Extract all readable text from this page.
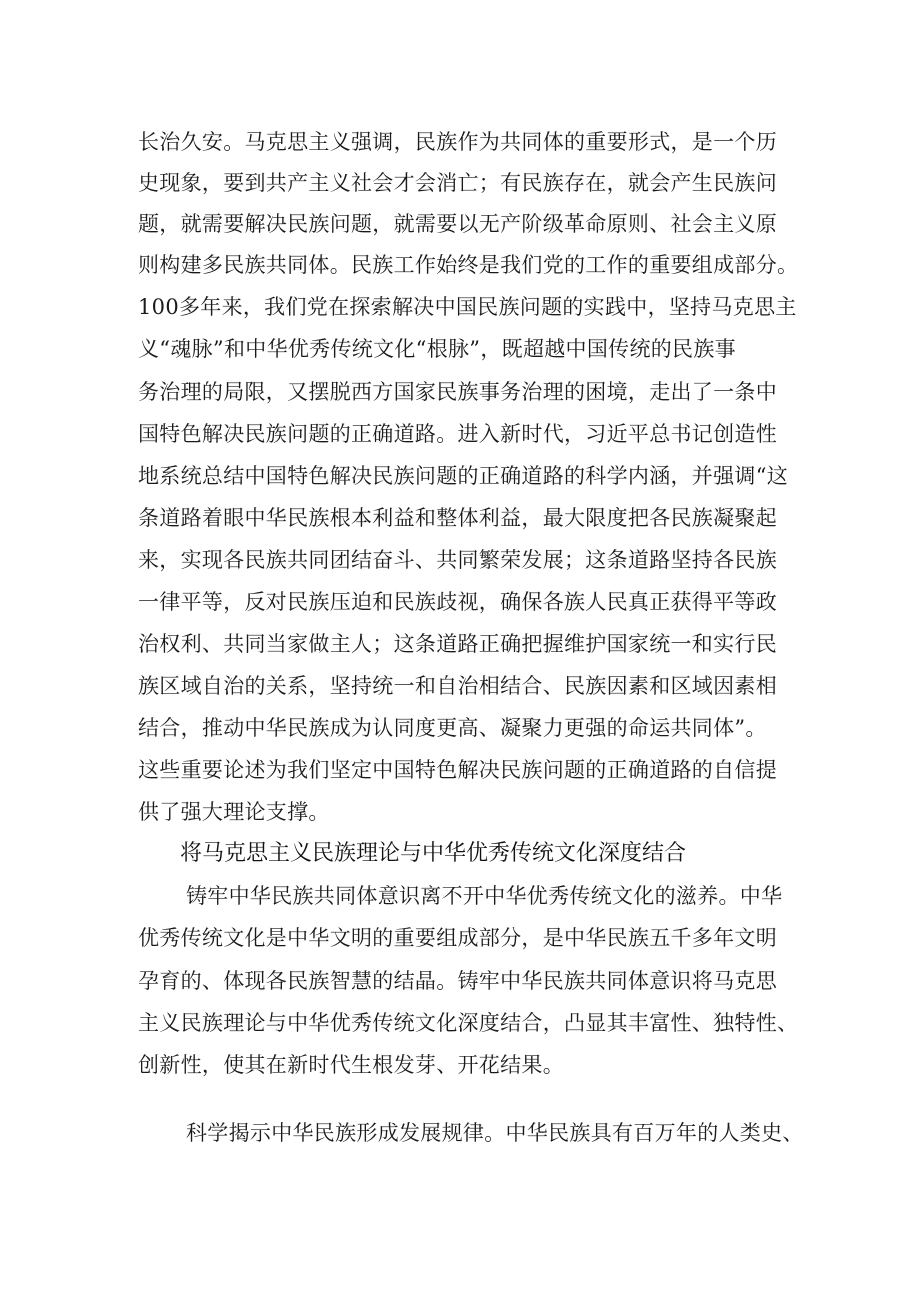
长治久安。马克思主义强调，民族作为共同体的重要形式，是一个历
史现象，要到共产主义社会才会消亡；有民族存在，就会产生民族问
题，就需要解决民族问题，就需要以无产阶级革命原则、社会主义原
则构建多民族共同体。民族工作始终是我们党的工作的重要组成部分。
100多年来，我们党在探索解决中国民族问题的实践中，坚持马克思主
义“魂脉”和中华优秀传统文化“根脉”，既超越中国传统的民族事
务治理的局限，又摆脱西方国家民族事务治理的困境，走出了一条中
国特色解决民族问题的正确道路。进入新时代，习近平总书记创造性
地系统总结中国特色解决民族问题的正确道路的科学内涵，并强调“这
条道路着眼中华民族根本利益和整体利益，最大限度把各民族凝聚起
来，实现各民族共同团结奋斗、共同繁荣发展；这条道路坚持各民族
一律平等，反对民族压迫和民族歧视，确保各族人民真正获得平等政
治权利、共同当家做主人；这条道路正确把握维护国家统一和实行民
族区域自治的关系，坚持统一和自治相结合、民族因素和区域因素相
结合，推动中华民族成为认同度更高、凝聚力更强的命运共同体”。
这些重要论述为我们坚定中国特色解决民族问题的正确道路的自信提
供了强大理论支撑。
将马克思主义民族理论与中华优秀传统文化深度结合
铸牢中华民族共同体意识离不开中华优秀传统文化的滋养。中华
优秀传统文化是中华文明的重要组成部分，是中华民族五千多年文明
孕育的、体现各民族智慧的结晶。铸牢中华民族共同体意识将马克思
主义民族理论与中华优秀传统文化深度结合，凸显其丰富性、独特性、
创新性，使其在新时代生根发芽、开花结果。
科学揭示中华民族形成发展规律。中华民族具有百万年的人类史、
